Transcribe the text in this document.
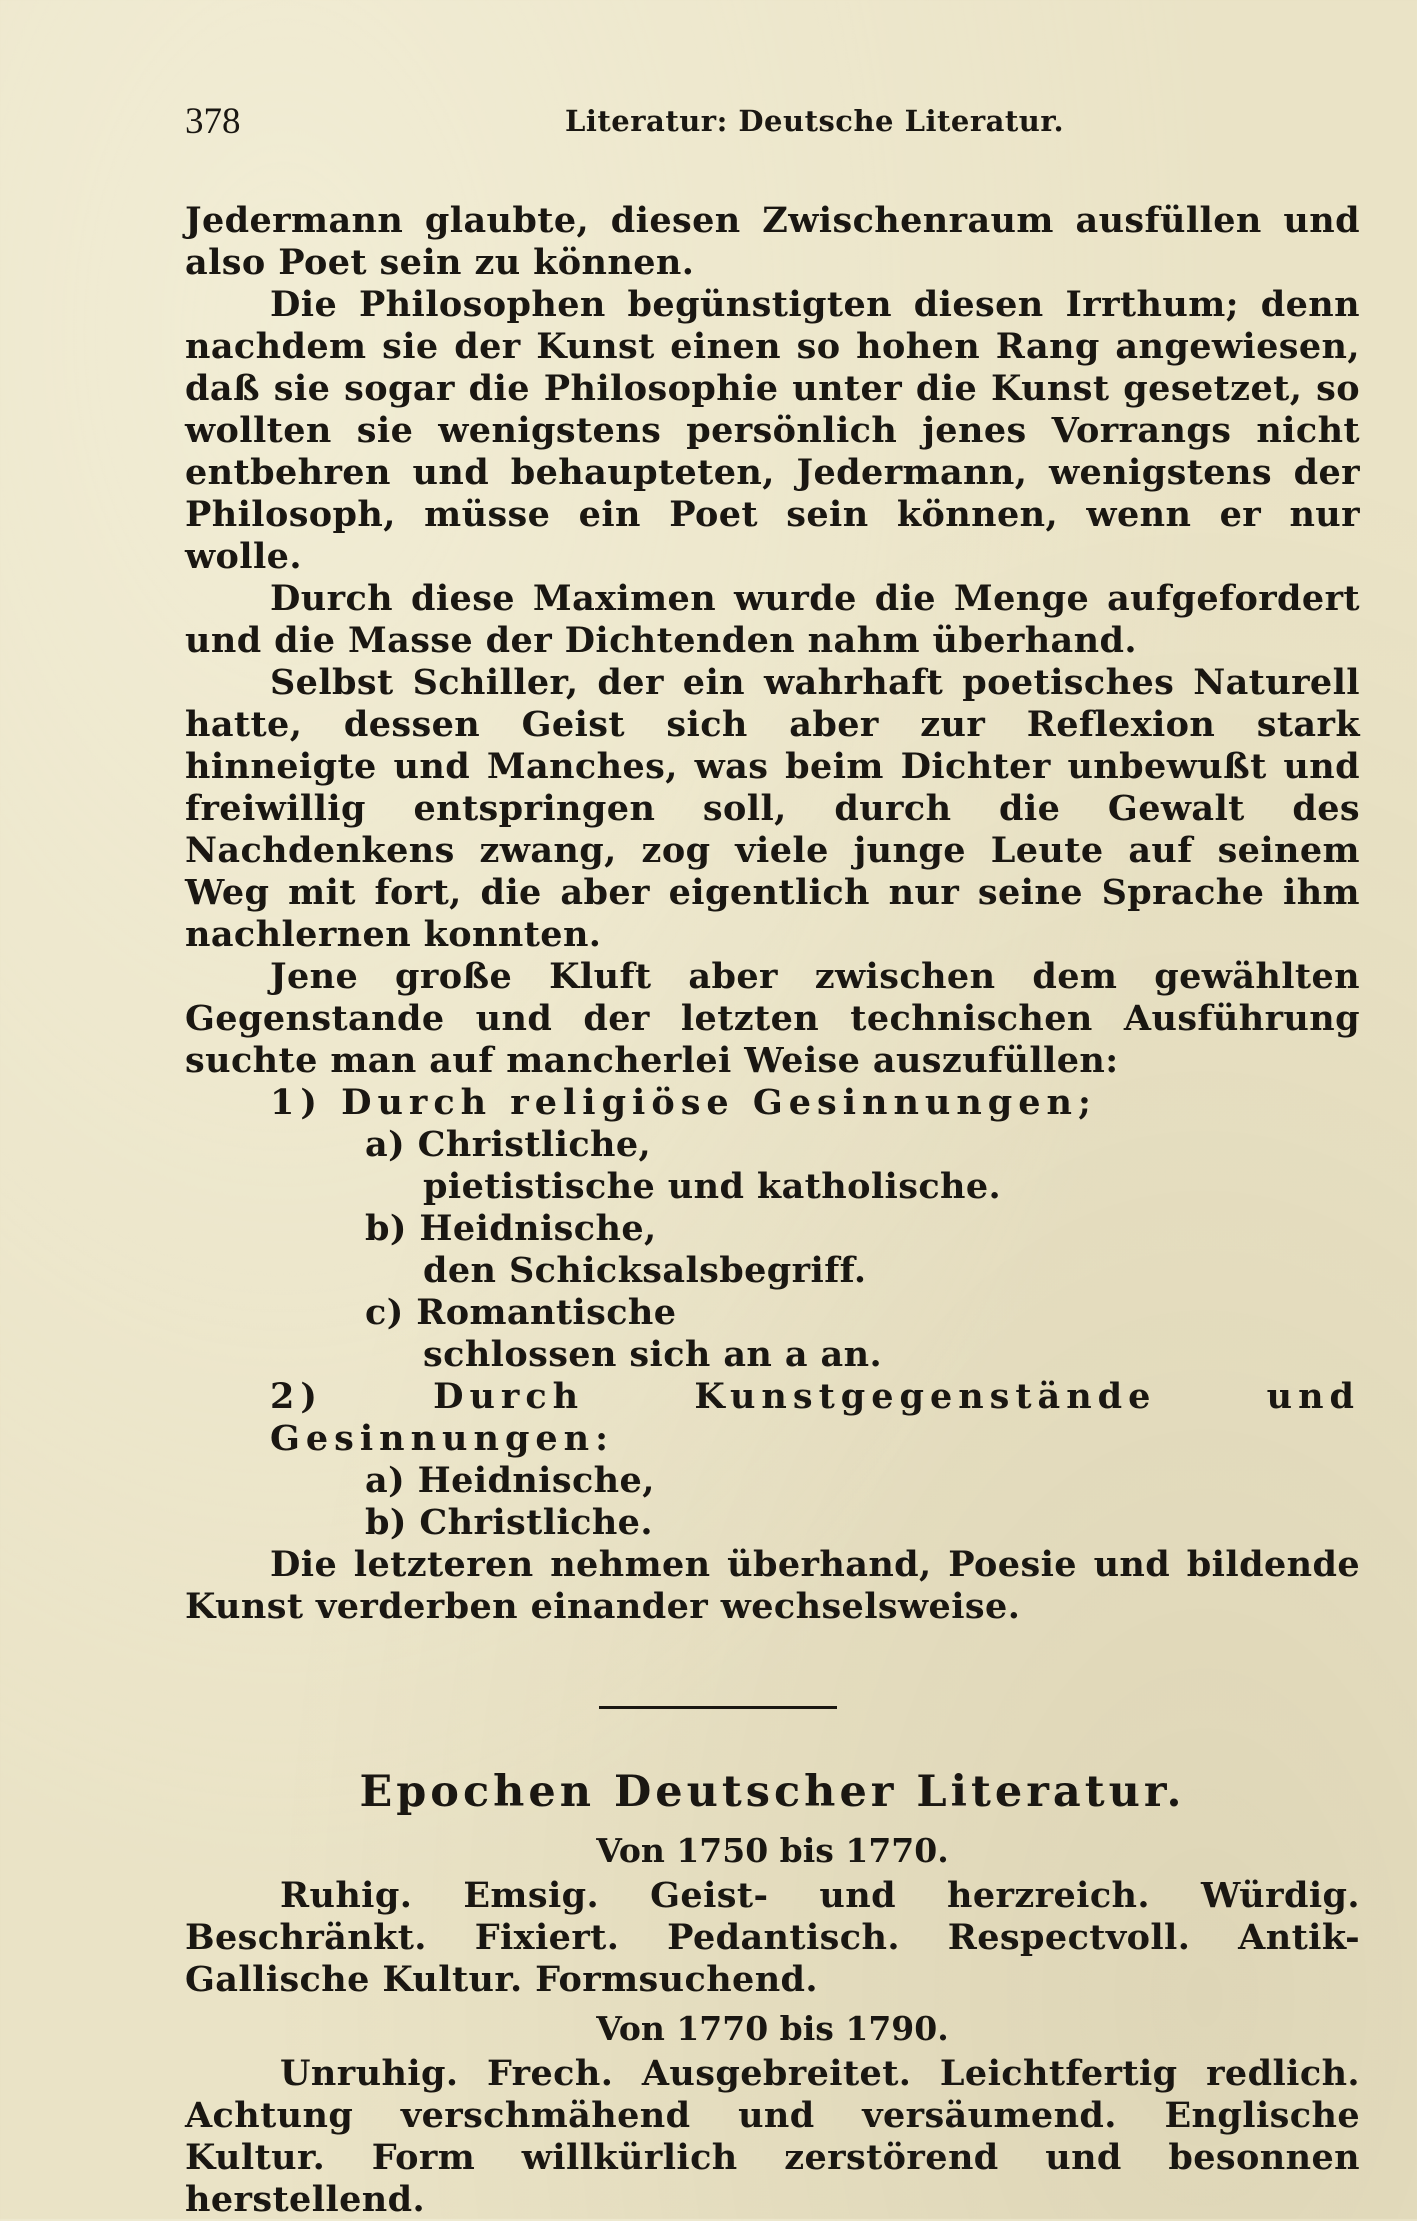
378	Literatur: Deutsche Literatur.

Jedermann glaubte, diesen Zwischenraum ausfüllen und also Poet sein zu können.

Die Philosophen begünstigten diesen Irrthum; denn nachdem sie der Kunst einen so hohen Rang angewiesen, daß sie sogar die Philosophie unter die Kunst gesetzet, so wollten sie wenigstens persönlich jenes Vorrangs nicht entbehren und behaupteten, Jedermann, wenigstens der Philosoph, müsse ein Poet sein können, wenn er nur wolle.

Durch diese Maximen wurde die Menge aufgefordert und die Masse der Dichtenden nahm überhand.

Selbst Schiller, der ein wahrhaft poetisches Naturell hatte, dessen Geist sich aber zur Reflexion stark hinneigte und Manches, was beim Dichter unbewußt und freiwillig entspringen soll, durch die Gewalt des Nachdenkens zwang, zog viele junge Leute auf seinem Weg mit fort, die aber eigentlich nur seine Sprache ihm nachlernen konnten.

Jene große Kluft aber zwischen dem gewählten Gegenstande und der letzten technischen Ausführung suchte man auf mancherlei Weise auszufüllen:

1) Durch religiöse Gesinnungen;

a) Christliche,

pietistische und katholische.

b) Heidnische,

den Schicksalsbegriff.

c) Romantische

schlossen sich an a an.

2) Durch Kunstgegenstände und Gesinnungen:

a) Heidnische,

b) Christliche.

Die letzteren nehmen überhand, Poesie und bildende Kunst verderben einander wechselsweise.

Epochen Deutscher Literatur.
Von 1750 bis 1770.

Ruhig. Emsig. Geist- und herzreich. Würdig. Beschränkt. Fixiert. Pedantisch. Respectvoll. Antik-Gallische Kultur. Formsuchend.

Von 1770 bis 1790.

Unruhig. Frech. Ausgebreitet. Leichtfertig redlich. Achtung verschmähend und versäumend. Englische Kultur. Form willkürlich zerstörend und besonnen herstellend.
